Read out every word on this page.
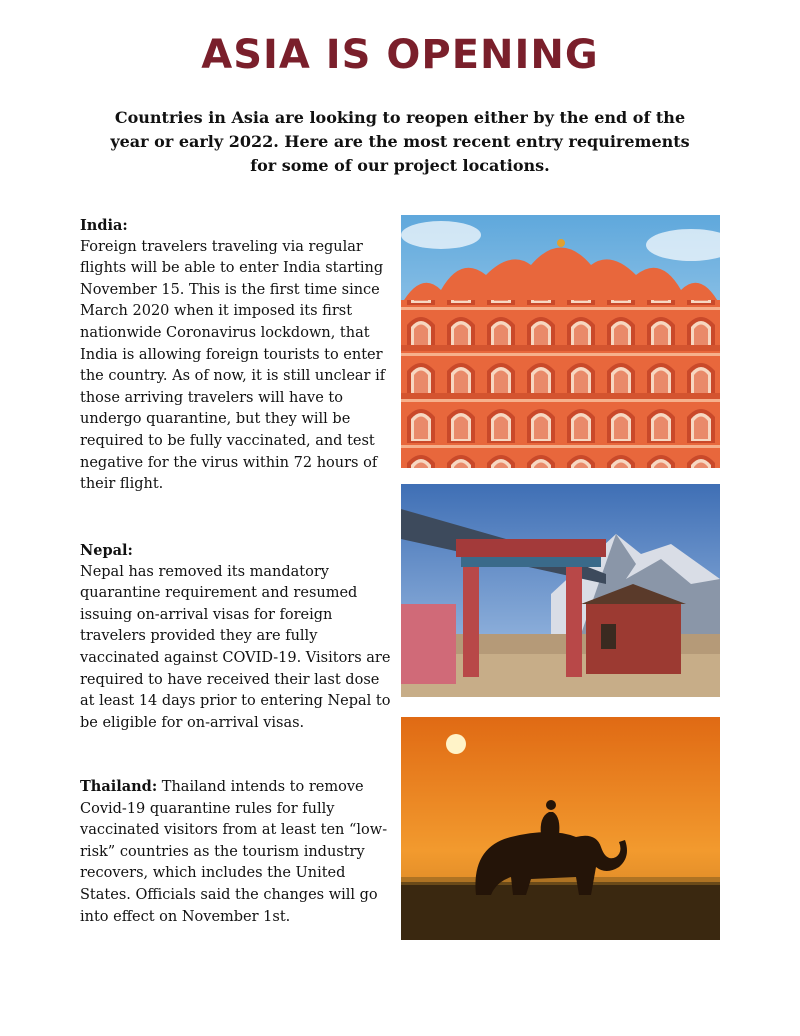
ASIA IS OPENING

Countries in Asia are looking to reopen either by the end of the year or early 2022. Here are the most recent entry requirements for some of our project locations.

India:
Foreign travelers traveling via regular flights will be able to enter India starting November 15. This is the first time since March 2020 when it imposed its first nationwide Coronavirus lockdown, that India is allowing foreign tourists to enter the country. As of now, it is still unclear if those arriving travelers will have to undergo quarantine, but they will be required to be fully vaccinated, and test negative for the virus within 72 hours of their flight.
Nepal:
Nepal has removed its mandatory quarantine requirement and resumed issuing on-arrival visas for foreign travelers provided they are fully vaccinated against COVID-19. Visitors are required to have received their last dose at least 14 days prior to entering Nepal to be eligible for on-arrival visas.
Thailand: Thailand intends to remove Covid-19 quarantine rules for fully vaccinated visitors from at least ten “low-risk” countries as the tourism industry recovers, which includes the United States. Officials said the changes will go into effect on November 1st.
